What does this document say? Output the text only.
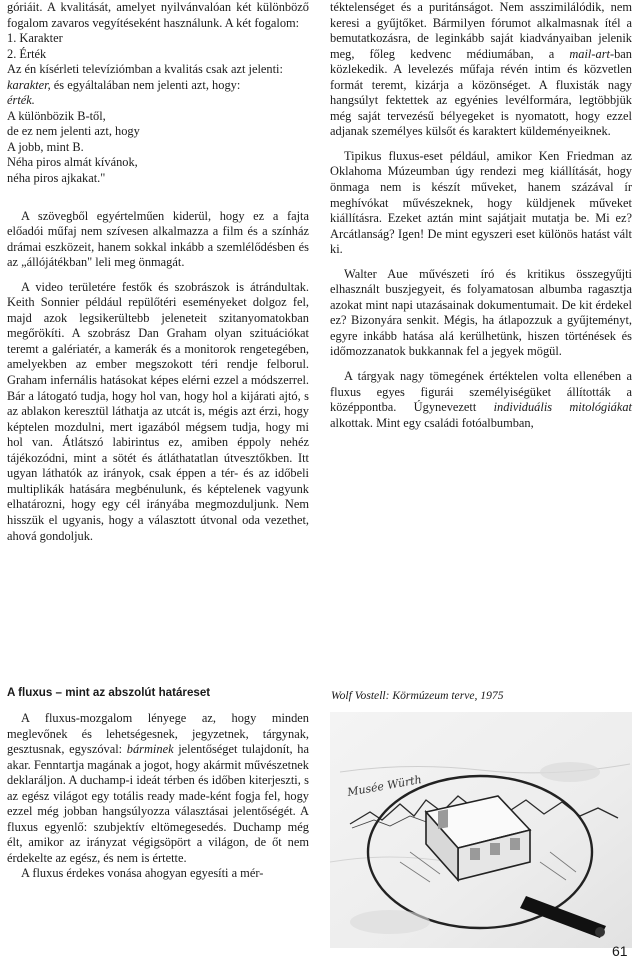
góriáit. A kvalitását, amelyet nyilvánvalóan két különböző fogalom zavaros vegyítéseként használunk. A két fogalom:

1. Karakter
2. Érték

Az én kísérleti televíziómban a kvalitás csak azt jelenti:

karakter, és egyáltalában nem jelenti azt, hogy:
érték.
A különbözik B-től,
de ez nem jelenti azt, hogy
A jobb, mint B.
Néha piros almát kívánok,
néha piros ajkakat."

A szövegből egyértelműen kiderül, hogy ez a fajta előadói műfaj nem szívesen alkalmazza a film és a színház drámai eszközeit, hanem sokkal inkább a szemlélődésben és az „állójátékban" leli meg önmagát.

A video területére festők és szobrászok is átrándultak. Keith Sonnier például repülőtéri eseményeket dolgoz fel, majd azok legsikerültebb jeleneteit szitanyomatokban megőrökíti. A szobrász Dan Graham olyan szituációkat teremt a galériatér, a kamerák és a monitorok rengetegében, amelyekben az ember megszokott téri rendje felborul. Graham infernális hatásokat képes elérni ezzel a módszerrel. Bár a látogató tudja, hogy hol van, hogy hol a kijárati ajtó, s az ablakon keresztül láthatja az utcát is, mégis azt érzi, hogy képtelen mozdulni, mert igazából mégsem tudja, hogy mi hol van. Átlátszó labirintus ez, amiben éppoly nehéz tájékozódni, mint a sötét és átláthatatlan útvesztőkben. Itt ugyan láthatók az irányok, csak éppen a tér- és az időbeli multiplikák hatására megbénulunk, és képtelenek vagyunk elhatározni, hogy egy cél irányába megmozduljunk. Nem hisszük el ugyanis, hogy a választott útvonal oda vezethet, ahová gondoljuk.

A fluxus – mint az abszolút határeset

A fluxus-mozgalom lényege az, hogy minden meglevőnek és lehetségesnek, jegyzetnek, tárgynak, gesztusnak, egyszóval: bárminek jelentőséget tulajdonít, ha akar. Fenntartja magának a jogot, hogy akármit művészetnek deklaráljon. A duchamp-i ideát térben és időben kiterjeszti, s az egész világot egy totális ready made-ként fogja fel, hogy ezzel még jobban hangsúlyozza választásai jelentőségét. A fluxus egyenlő: szubjektív eltömegesedés. Duchamp még élt, amikor az irányzat végigsöpört a világon, de őt nem érdekelte az egész, és nem is értette.

A fluxus érdekes vonása ahogyan egyesíti a mér-

téktelenséget és a puritánságot. Nem asszimilálódik, nem keresi a gyűjtőket. Bármilyen fórumot alkalmasnak ítél a bemutatkozásra, de leginkább saját kiadványaiban jelenik meg, főleg kedvenc médiumában, a mail-art-ban közlekedik. A levelezés műfaja révén intim és közvetlen formát teremt, kizárja a közönséget. A fluxisták nagy hangsúlyt fektettek az egyénies levélformára, legtöbbjük még saját tervezésű bélyegeket is nyomatott, hogy ezzel adjanak személyes külsőt és karaktert küldeményeiknek.

Tipikus fluxus-eset például, amikor Ken Friedman az Oklahoma Múzeumban úgy rendezi meg kiállítását, hogy önmaga nem is készít műveket, hanem százával ír meghívókat művészeknek, hogy küldjenek műveket kiállításra. Ezeket aztán mint sajátjait mutatja be. Mi ez? Arcátlanság? Igen! De mint egyszeri eset különös hatást vált ki.

Walter Aue művészeti író és kritikus összegyűjti elhasznált buszjegyeit, és folyamatosan albumba ragasztja azokat mint napi utazásainak dokumentumait. De kit érdekel ez? Bizonyára senkit. Mégis, ha átlapozzuk a gyűjteményt, egyre inkább hatása alá kerülhetünk, hiszen történések és időmozzanatok bukkannak fel a jegyek mögül.

A tárgyak nagy tömegének értéktelen volta ellenében a fluxus egyes figurái személyiségüket állították a középpontba. Úgynevezett individuális mitológiákat alkottak. Mint egy családi fotóalbumban,

Wolf Vostell: Körmúzeum terve, 1975
Musée Würth
61
